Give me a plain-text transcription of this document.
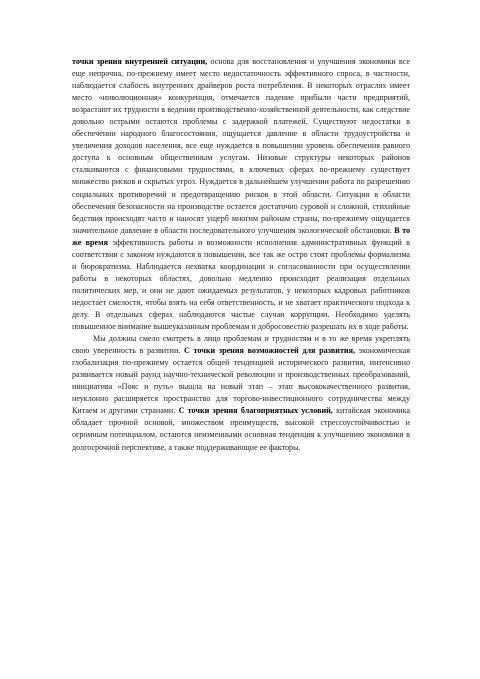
точки зрения внутренней ситуации, основа для восстановления и улучшения экономики все еще непрочна, по-прежнему имеет место недостаточность эффективного спроса, в частности, наблюдается слабость внутренних драйверов роста потребления. В некоторых отраслях имеет место «инволюционная» конкуренция, отмечается падение прибыли части предприятий, возрастают их трудности в ведении производственно-хозяйственной деятельности, как следствие довольно острыми остаются проблемы с задержкой платежей. Существуют недостатки в обеспечении народного благосостояния, ощущается давление в области трудоустройства и увеличения доходов населения, все еще нуждается в повышении уровень обеспечения равного доступа к основным общественным услугам. Низовые структуры некоторых районов сталкиваются с финансовыми трудностями, в ключевых сферах по-прежнему существует множество рисков и скрытых угроз. Нуждается в дальнейшем улучшении работа по разрешению социальных противоречий и предотвращению рисков в этой области. Ситуация в области обеспечения безопасности на производстве остается достаточно суровой и сложной, стихийные бедствия происходят часто и наносят ущерб многим районам страны, по-прежнему ощущается значительное давление в области последовательного улучшения экологической обстановки. В то же время эффективность работы и возможности исполнения административных функций в соответствии с законом нуждаются в повышении, все так же остро стоят проблемы формализма и бюрократизма. Наблюдается нехватка координации и согласованности при осуществлении работы в некоторых областях, довольно медленно происходит реализация отдельных политических мер, и они не дают ожидаемых результатов, у некоторых кадровых работников недостает смелости, чтобы взять на себя ответственность, и не хватает практического подхода к делу. В отдельных сферах наблюдаются частые случаи коррупции. Необходимо уделять повышенное внимание вышеуказанным проблемам и добросовестно разрешать их в ходе работы.

Мы должны смело смотреть в лицо проблемам и трудностям и в то же время укреплять свою уверенность в развитии. С точки зрения возможностей для развития, экономическая глобализация по-прежнему остается общей тенденцией исторического развития, интенсивно развивается новый раунд научно-технической революции и производственных преобразований, инициатива «Пояс и путь» вышла на новый этап – этап высококачественного развития, неуклонно расширяется пространство для торгово-инвестиционного сотрудничества между Китаем и другими странами. С точки зрения благоприятных условий, китайская экономика обладает прочной основой, множеством преимуществ, высокой стрессоустойчивостью и огромным потенциалом, остаются неизменными основная тенденция к улучшению экономики в долгосрочной перспективе, а также поддерживающие ее факторы.
